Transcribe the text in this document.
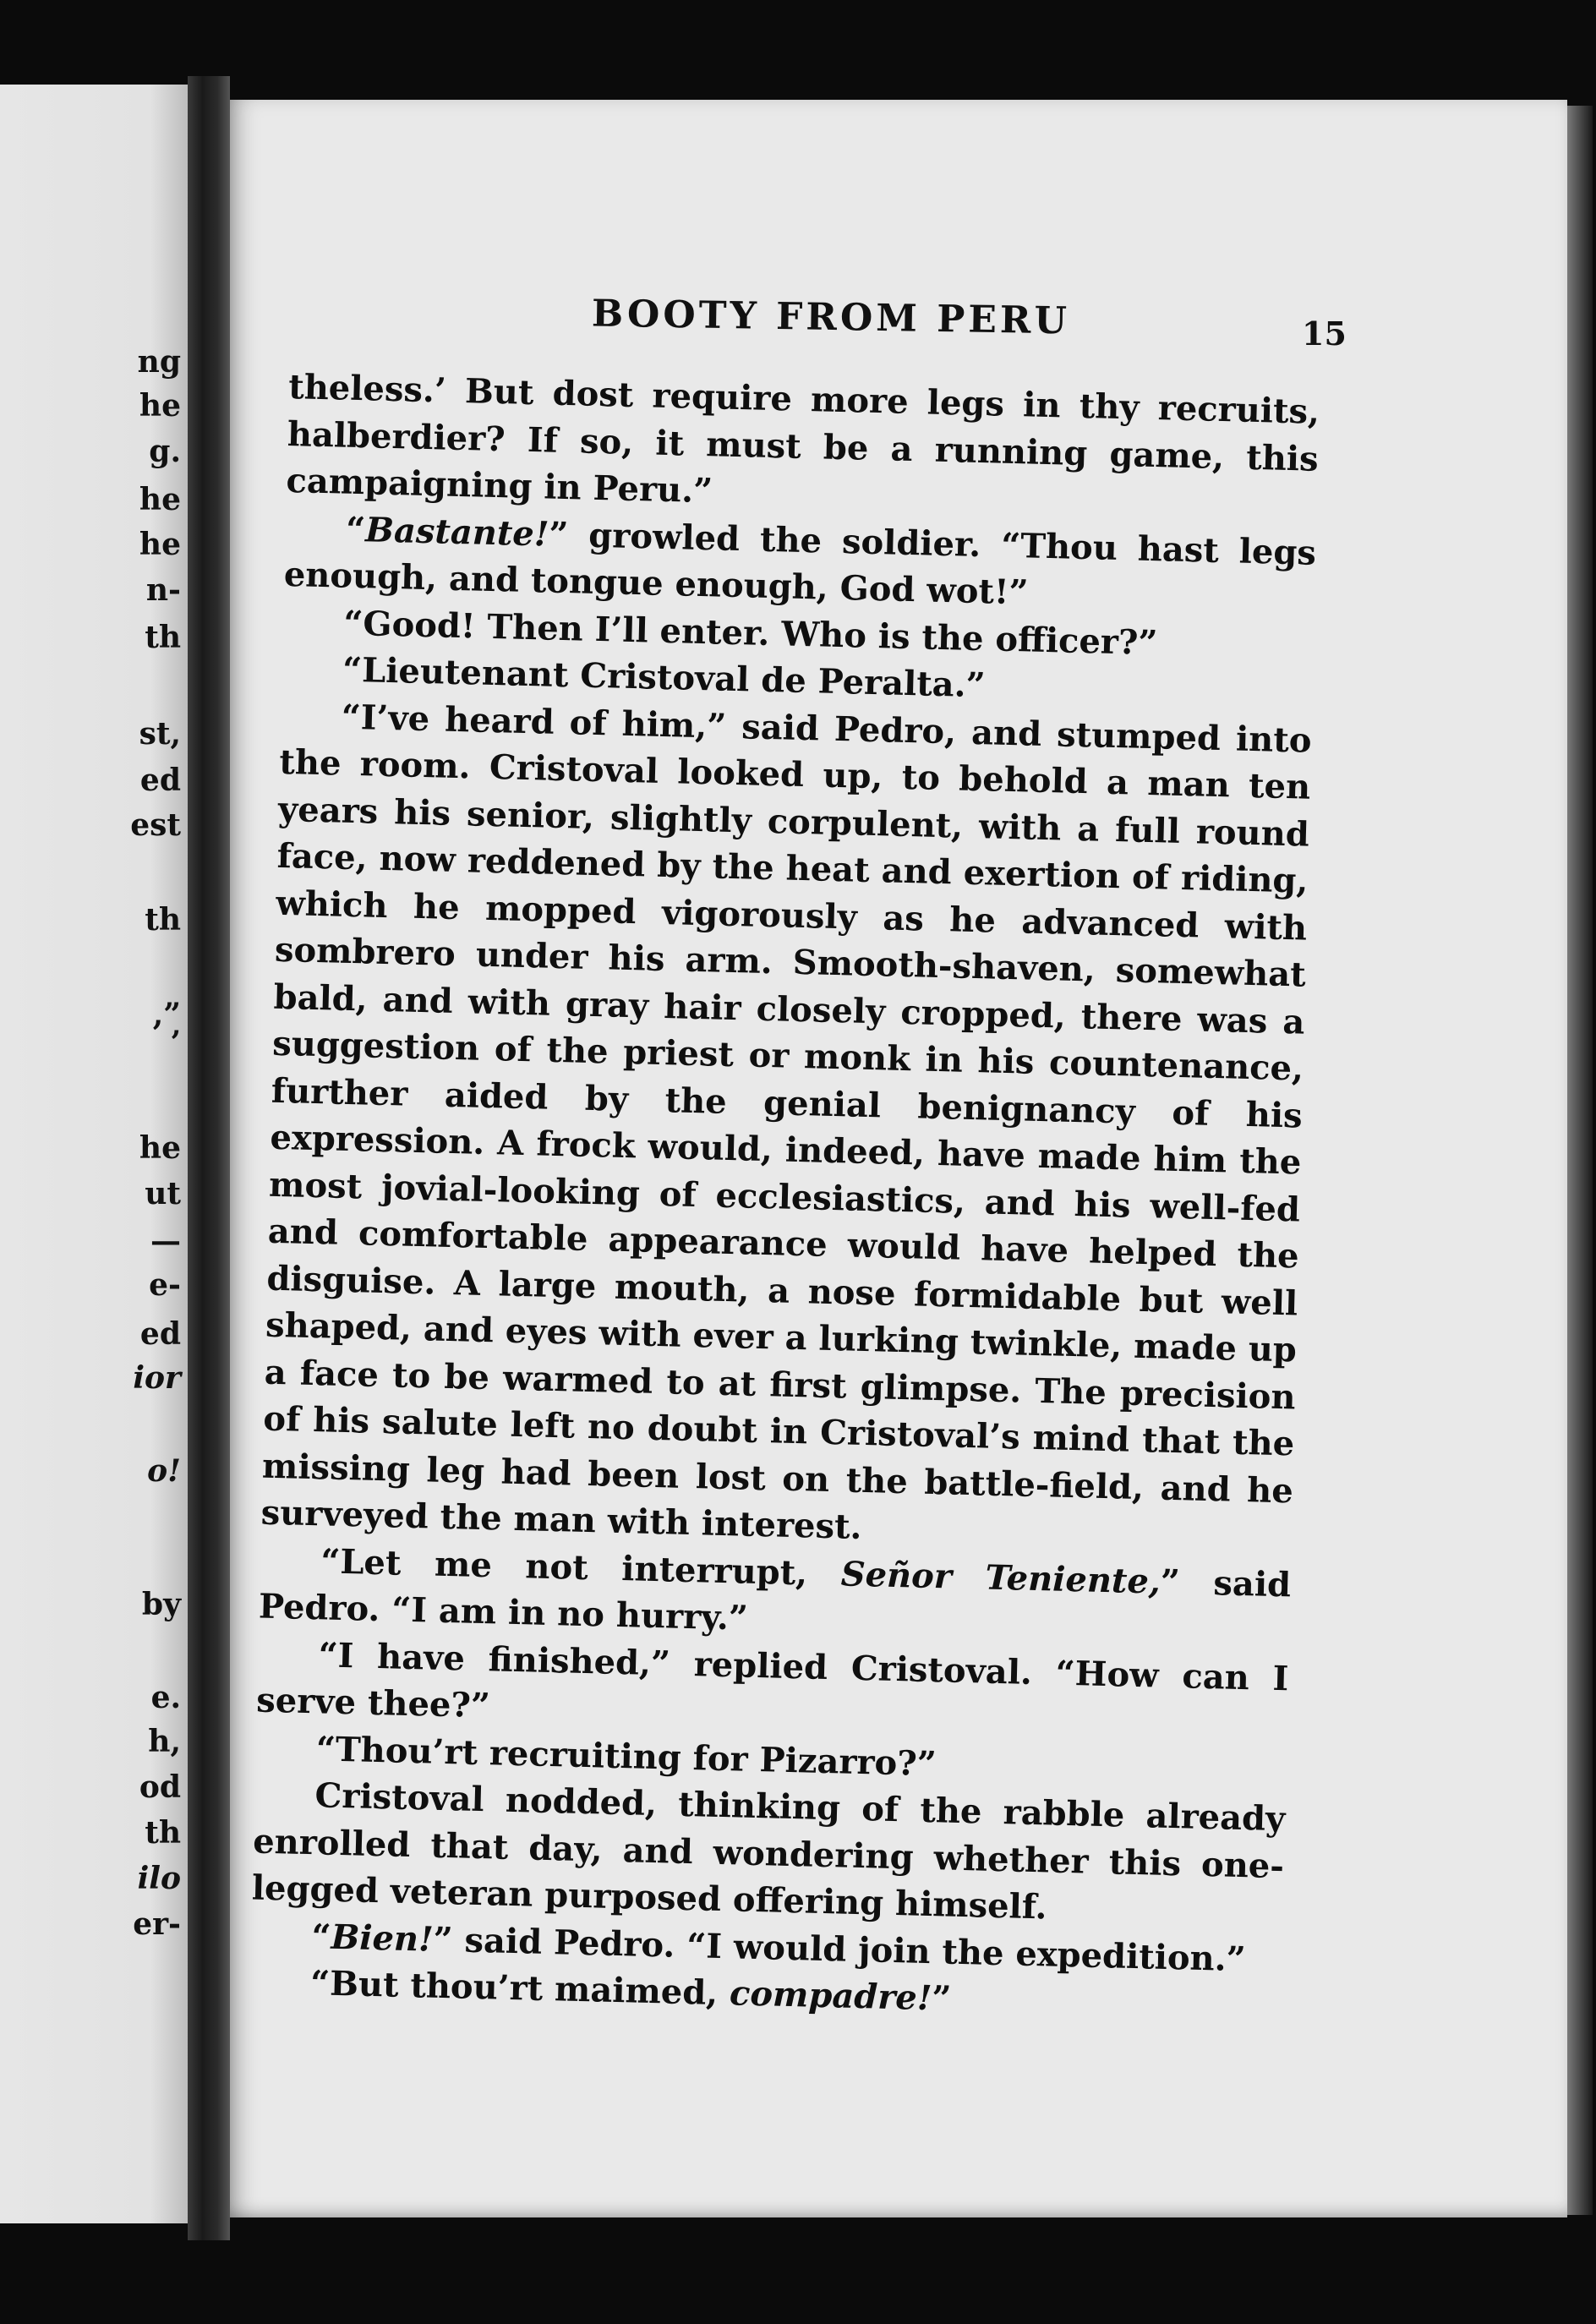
ng
he
g.
he
he
n-
th
st,
ed
est
th
,”
’
he
ut
—
e-
ed
ior
o!
by
e.
h,
od
th
ilo
er-
BOOTY FROM PERU	15

theless.’ But dost require more legs in thy recruits, halberdier? If so, it must be a running game, this campaigning in Peru.”

“Bastante!” growled the soldier. “Thou hast legs enough, and tongue enough, God wot!”

“Good! Then I’ll enter. Who is the officer?”

“Lieutenant Cristoval de Peralta.”

“I’ve heard of him,” said Pedro, and stumped into the room. Cristoval looked up, to behold a man ten years his senior, slightly corpulent, with a full round face, now reddened by the heat and exertion of riding, which he mopped vigorously as he advanced with sombrero under his arm. Smooth-shaven, somewhat bald, and with gray hair closely cropped, there was a suggestion of the priest or monk in his countenance, further aided by the genial benignancy of his expression. A frock would, indeed, have made him the most jovial-looking of ecclesiastics, and his well-fed and comfortable appearance would have helped the disguise. A large mouth, a nose formidable but well shaped, and eyes with ever a lurking twinkle, made up a face to be warmed to at first glimpse. The precision of his salute left no doubt in Cristoval’s mind that the missing leg had been lost on the battle-field, and he surveyed the man with interest.

“Let me not interrupt, Señor Teniente,” said Pedro. “I am in no hurry.”

“I have finished,” replied Cristoval. “How can I serve thee?”

“Thou’rt recruiting for Pizarro?”

Cristoval nodded, thinking of the rabble already enrolled that day, and wondering whether this one-legged veteran purposed offering himself.

“Bien!” said Pedro. “I would join the expedition.”

“But thou’rt maimed, compadre!”
